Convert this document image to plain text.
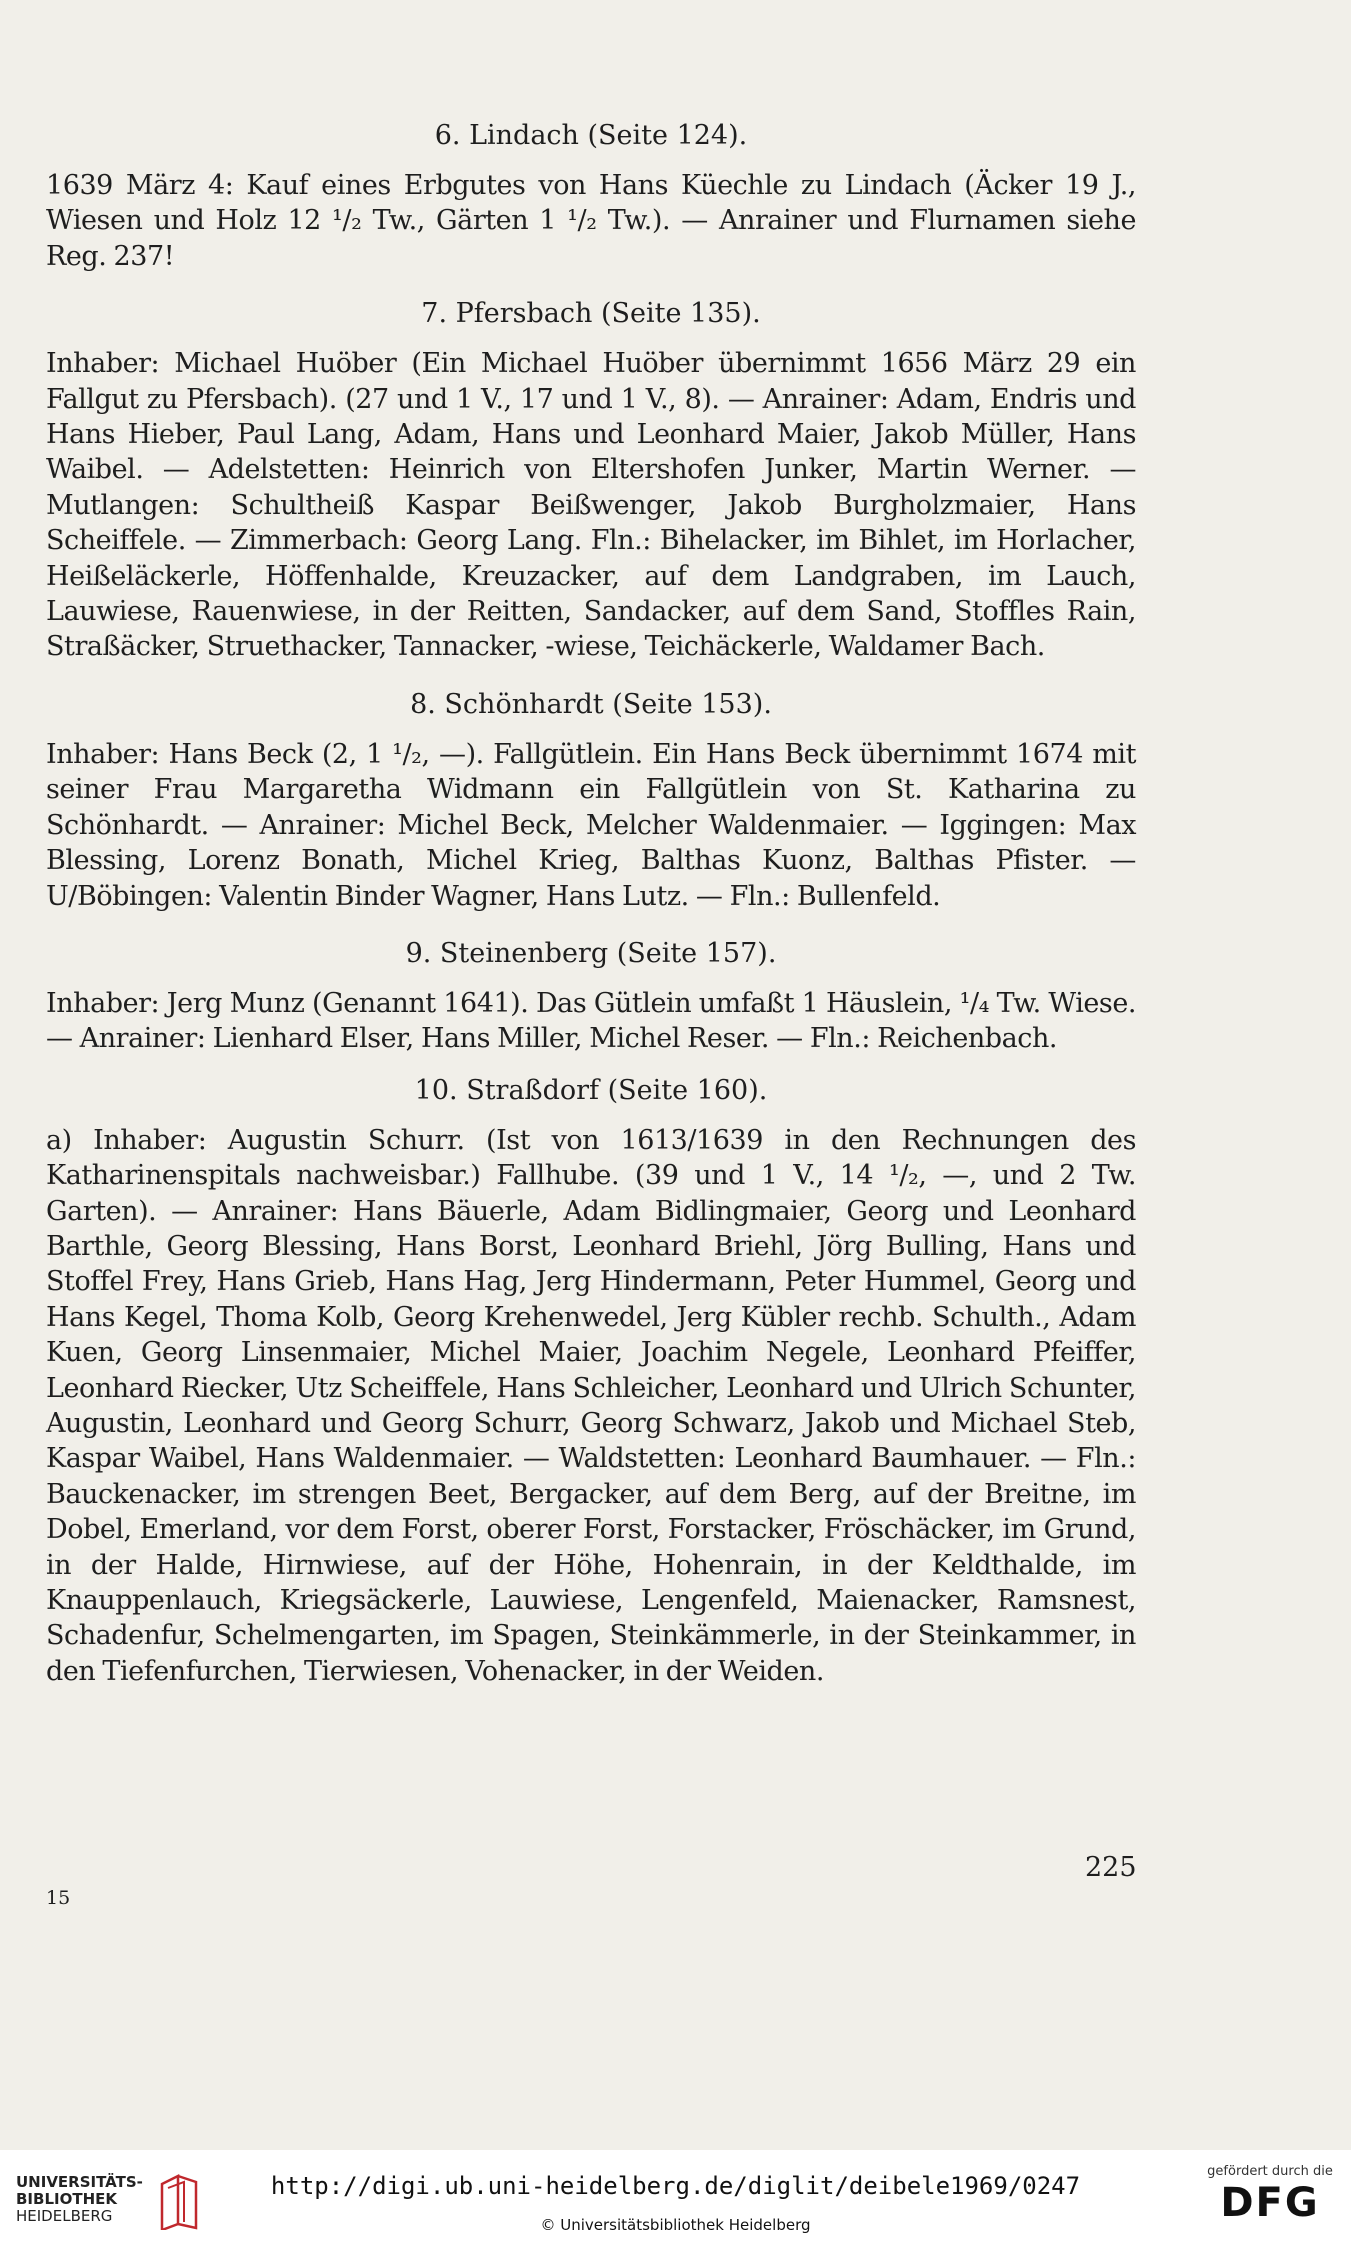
6. Lindach (Seite 124).

1639 März 4: Kauf eines Erbgutes von Hans Küechle zu Lindach (Äcker 19 J., Wiesen und Holz 12 ¹/₂ Tw., Gärten 1 ¹/₂ Tw.). — Anrainer und Flurnamen siehe Reg. 237!

7. Pfersbach (Seite 135).

Inhaber: Michael Huöber (Ein Michael Huöber übernimmt 1656 März 29 ein Fallgut zu Pfersbach). (27 und 1 V., 17 und 1 V., 8). — Anrainer: Adam, Endris und Hans Hieber, Paul Lang, Adam, Hans und Leonhard Maier, Jakob Müller, Hans Waibel. — Adelstetten: Heinrich von Eltershofen Junker, Martin Werner. — Mutlangen: Schultheiß Kaspar Beißwenger, Jakob Burgholzmaier, Hans Scheiffele. — Zimmerbach: Georg Lang. Fln.: Bihelacker, im Bihlet, im Horlacher, Heißeläckerle, Höffenhalde, Kreuzacker, auf dem Landgraben, im Lauch, Lauwiese, Rauenwiese, in der Reitten, Sandacker, auf dem Sand, Stoffles Rain, Straßäcker, Struethacker, Tannacker, -wiese, Teichäckerle, Waldamer Bach.

8. Schönhardt (Seite 153).

Inhaber: Hans Beck (2, 1 ¹/₂, —). Fallgütlein. Ein Hans Beck übernimmt 1674 mit seiner Frau Margaretha Widmann ein Fallgütlein von St. Katharina zu Schönhardt. — Anrainer: Michel Beck, Melcher Waldenmaier. — Iggingen: Max Blessing, Lorenz Bonath, Michel Krieg, Balthas Kuonz, Balthas Pfister. — U/Böbingen: Valentin Binder Wagner, Hans Lutz. — Fln.: Bullenfeld.

9. Steinenberg (Seite 157).

Inhaber: Jerg Munz (Genannt 1641). Das Gütlein umfaßt 1 Häuslein, ¹/₄ Tw. Wiese. — Anrainer: Lienhard Elser, Hans Miller, Michel Reser. — Fln.: Reichenbach.

10. Straßdorf (Seite 160).

a) Inhaber: Augustin Schurr. (Ist von 1613/1639 in den Rechnungen des Katharinenspitals nachweisbar.) Fallhube. (39 und 1 V., 14 ¹/₂, —, und 2 Tw. Garten). — Anrainer: Hans Bäuerle, Adam Bidlingmaier, Georg und Leonhard Barthle, Georg Blessing, Hans Borst, Leonhard Briehl, Jörg Bulling, Hans und Stoffel Frey, Hans Grieb, Hans Hag, Jerg Hindermann, Peter Hummel, Georg und Hans Kegel, Thoma Kolb, Georg Krehenwedel, Jerg Kübler rechb. Schulth., Adam Kuen, Georg Linsenmaier, Michel Maier, Joachim Negele, Leonhard Pfeiffer, Leonhard Riecker, Utz Scheiffele, Hans Schleicher, Leonhard und Ulrich Schunter, Augustin, Leonhard und Georg Schurr, Georg Schwarz, Jakob und Michael Steb, Kaspar Waibel, Hans Waldenmaier. — Waldstetten: Leonhard Baumhauer. — Fln.: Bauckenacker, im strengen Beet, Bergacker, auf dem Berg, auf der Breitne, im Dobel, Emerland, vor dem Forst, oberer Forst, Forstacker, Fröschäcker, im Grund, in der Halde, Hirnwiese, auf der Höhe, Hohenrain, in der Keldthalde, im Knauppenlauch, Kriegsäckerle, Lauwiese, Lengenfeld, Maienacker, Ramsnest, Schadenfur, Schelmengarten, im Spagen, Steinkämmerle, in der Steinkammer, in den Tiefenfurchen, Tierwiesen, Vohenacker, in der Weiden.

225
15
UNIVERSITÄTS-
BIBLIOTHEK
HEIDELBERG
http://digi.ub.uni-heidelberg.de/diglit/deibele1969/0247
© Universitätsbibliothek Heidelberg
gefördert durch die
DFG
